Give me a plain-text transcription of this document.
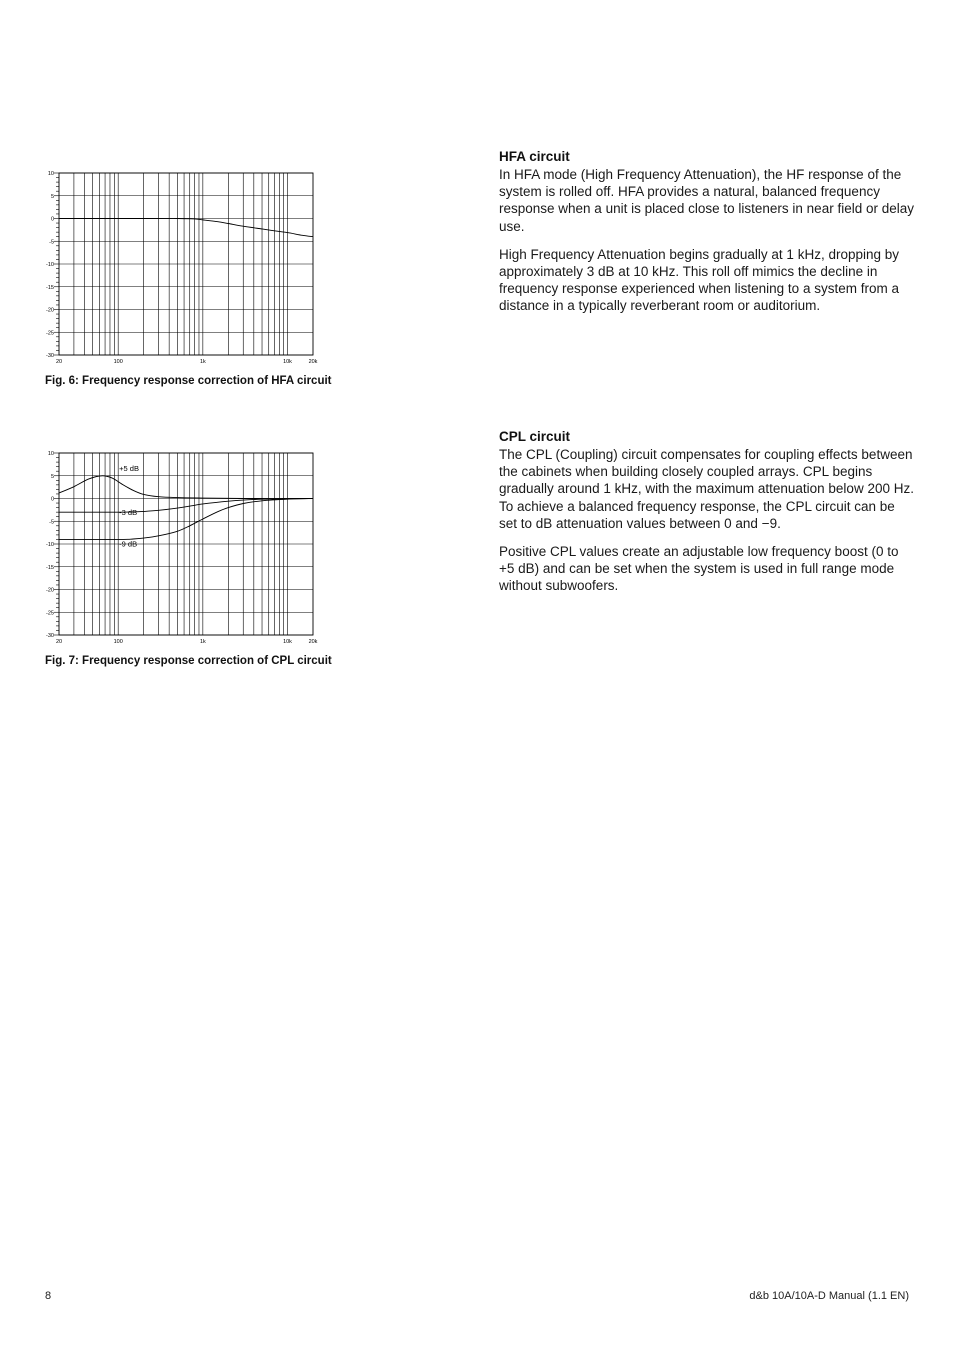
10
5
0
-5
-10
-15
-20
-25
-30
20	100	1k	10k	20k
Fig. 6: Frequency response correction of HFA circuit
10
5
0
-5
-10
-15
-20
-25
-30
20	100	1k	10k	20k
+5 dB
-3 dB
-9 dB
Fig. 7: Frequency response correction of CPL circuit
HFA circuit

In HFA mode (High Frequency Attenuation), the HF response of the system is rolled off. HFA provides a natural, balanced frequency response when a unit is placed close to listeners in near field or delay use.

High Frequency Attenuation begins gradually at 1 kHz, dropping by approximately 3 dB at 10 kHz. This roll off mimics the decline in frequency response experienced when listening to a system from a distance in a typically reverberant room or auditorium.

CPL circuit

The CPL (Coupling) circuit compensates for coupling effects between the cabinets when building closely coupled arrays. CPL begins gradually around 1 kHz, with the maximum attenuation below 200 Hz. To achieve a balanced frequency response, the CPL circuit can be set to dB attenuation values between 0 and −9.

Positive CPL values create an adjustable low frequency boost (0 to +5 dB) and can be set when the system is used in full range mode without subwoofers.

8	d&b 10A/10A-D Manual (1.1 EN)
